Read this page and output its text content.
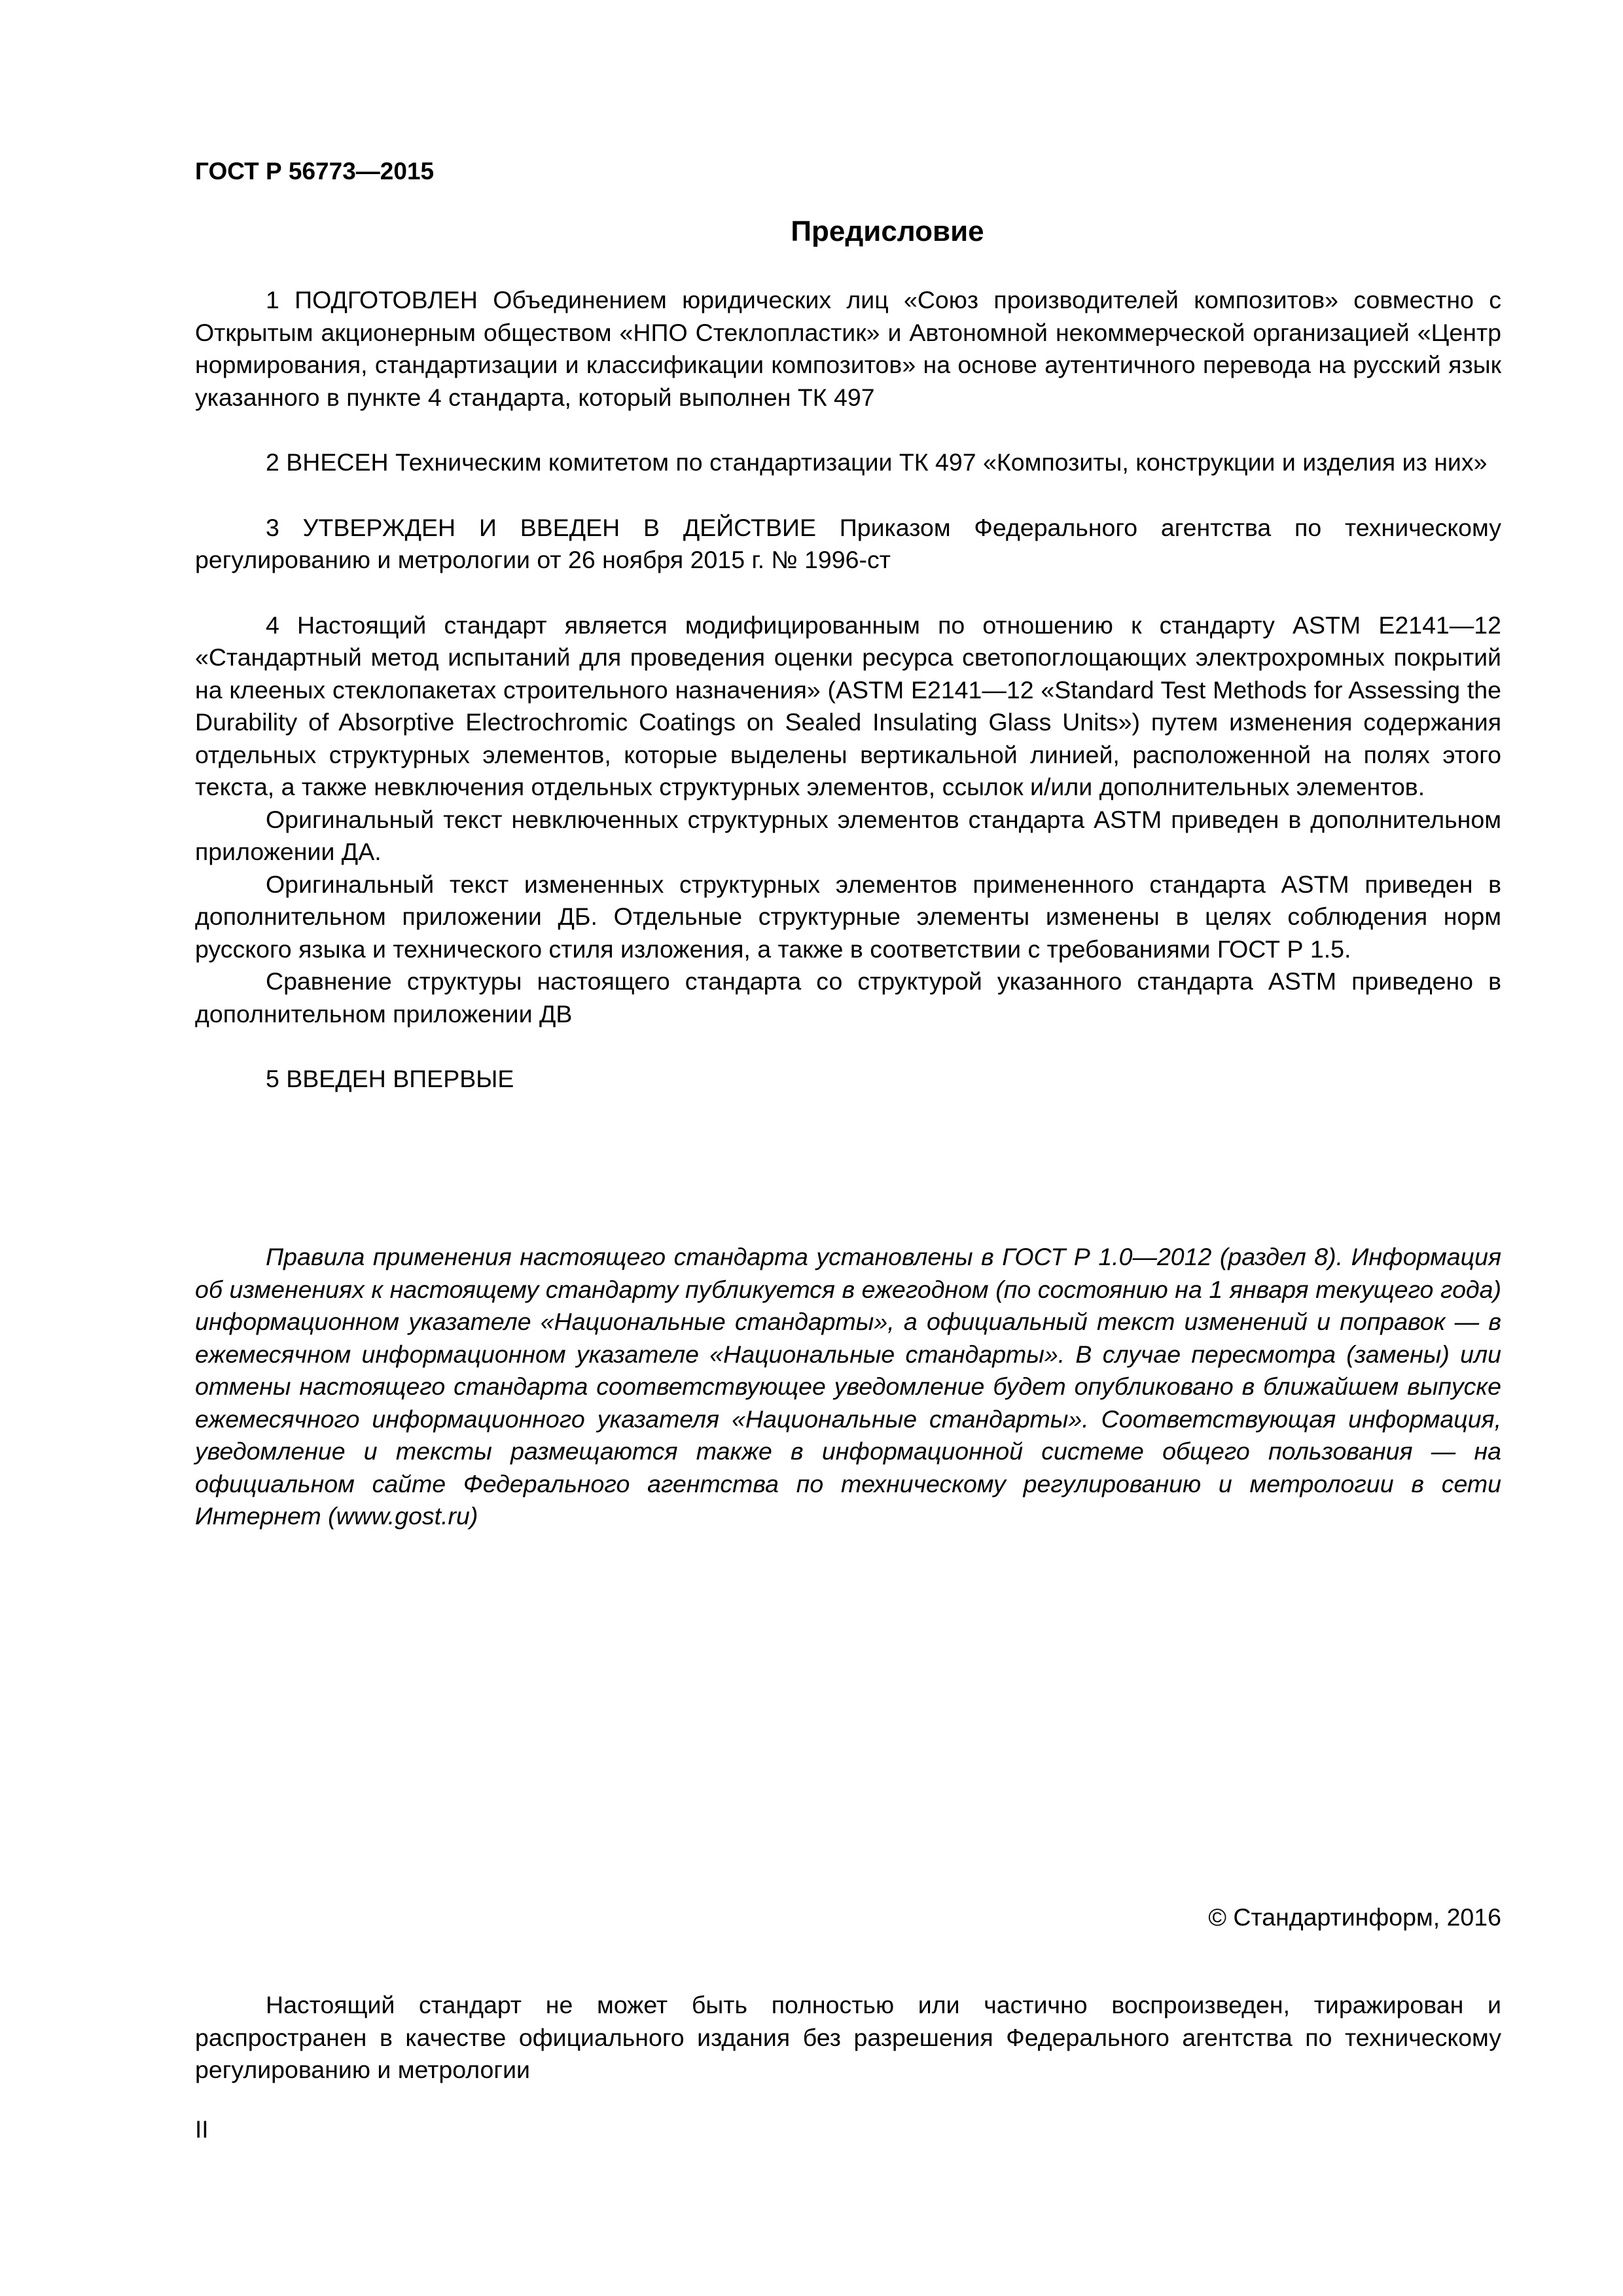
ГОСТ Р 56773—2015
Предисловие

1 ПОДГОТОВЛЕН Объединением юридических лиц «Союз производителей композитов» совместно с Открытым акционерным обществом «НПО Стеклопластик» и Автономной некоммерческой организацией «Центр нормирования, стандартизации и классификации композитов» на основе аутентичного перевода на русский язык указанного в пункте 4 стандарта, который выполнен ТК 497

2 ВНЕСЕН Техническим комитетом по стандартизации ТК 497 «Композиты, конструкции и изделия из них»

3 УТВЕРЖДЕН И ВВЕДЕН В ДЕЙСТВИЕ Приказом Федерального агентства по техническому регулированию и метрологии от 26 ноября 2015 г. № 1996-ст

4 Настоящий стандарт является модифицированным по отношению к стандарту ASTM E2141—12 «Стандартный метод испытаний для проведения оценки ресурса светопоглощающих электрохромных покрытий на клееных стеклопакетах строительного назначения» (ASTM E2141—12 «Standard Test Methods for Assessing the Durability of Absorptive Electrochromic Coatings on Sealed Insulating Glass Units») путем изменения содержания отдельных структурных элементов, которые выделены вертикальной линией, расположенной на полях этого текста, а также невключения отдельных структурных элементов, ссылок и/или дополнительных элементов.

Оригинальный текст невключенных структурных элементов стандарта ASTM приведен в дополнительном приложении ДА.

Оригинальный текст измененных структурных элементов примененного стандарта ASTM приведен в дополнительном приложении ДБ. Отдельные структурные элементы изменены в целях соблюдения норм русского языка и технического стиля изложения, а также в соответствии с требованиями ГОСТ Р 1.5.

Сравнение структуры настоящего стандарта со структурой указанного стандарта ASTM приведено в дополнительном приложении ДВ

5 ВВЕДЕН ВПЕРВЫЕ

Правила применения настоящего стандарта установлены в ГОСТ Р 1.0—2012 (раздел 8). Информация об изменениях к настоящему стандарту публикуется в ежегодном (по состоянию на 1 января текущего года) информационном указателе «Национальные стандарты», а официальный текст изменений и поправок — в ежемесячном информационном указателе «Национальные стандарты». В случае пересмотра (замены) или отмены настоящего стандарта соответствующее уведомление будет опубликовано в ближайшем выпуске ежемесячного информационного указателя «Национальные стандарты». Соответствующая информация, уведомление и тексты размещаются также в информационной системе общего пользования — на официальном сайте Федерального агентства по техническому регулированию и метрологии в сети Интернет (www.gost.ru)

© Стандартинформ, 2016

Настоящий стандарт не может быть полностью или частично воспроизведен, тиражирован и распространен в качестве официального издания без разрешения Федерального агентства по техническому регулированию и метрологии

II
